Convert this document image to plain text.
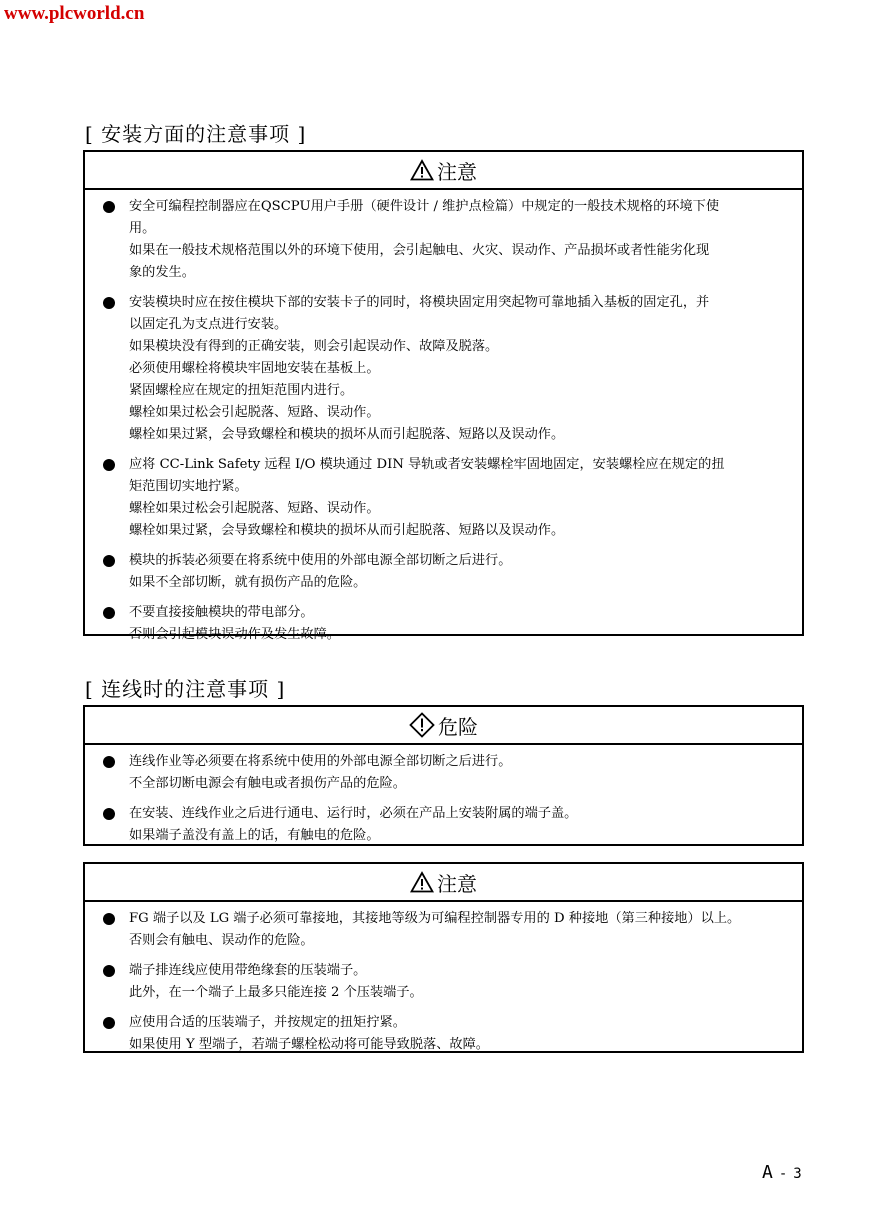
www.plcworld.cn
[ 安装方面的注意事项 ]
注意
安全可编程控制器应在QSCPU用户手册（硬件设计 / 维护点检篇）中规定的一般技术规格的环境下使
用。
如果在一般技术规格范围以外的环境下使用，会引起触电、火灾、误动作、产品损坏或者性能劣化现
象的发生。
安装模块时应在按住模块下部的安装卡子的同时，将模块固定用突起物可靠地插入基板的固定孔，并
以固定孔为支点进行安装。
如果模块没有得到的正确安装，则会引起误动作、故障及脱落。
必须使用螺栓将模块牢固地安装在基板上。
紧固螺栓应在规定的扭矩范围内进行。
螺栓如果过松会引起脱落、短路、误动作。
螺栓如果过紧，会导致螺栓和模块的损坏从而引起脱落、短路以及误动作。
应将 CC-Link Safety 远程 I/O 模块通过 DIN 导轨或者安装螺栓牢固地固定，安装螺栓应在规定的扭
矩范围切实地拧紧。
螺栓如果过松会引起脱落、短路、误动作。
螺栓如果过紧，会导致螺栓和模块的损坏从而引起脱落、短路以及误动作。
模块的拆装必须要在将系统中使用的外部电源全部切断之后进行。
如果不全部切断，就有损伤产品的危险。
不要直接接触模块的带电部分。
否则会引起模块误动作及发生故障。
[ 连线时的注意事项 ]
危险
连线作业等必须要在将系统中使用的外部电源全部切断之后进行。
不全部切断电源会有触电或者损伤产品的危险。
在安装、连线作业之后进行通电、运行时，必须在产品上安装附属的端子盖。
如果端子盖没有盖上的话，有触电的危险。
注意
FG 端子以及 LG 端子必须可靠接地，其接地等级为可编程控制器专用的 D 种接地（第三种接地）以上。
否则会有触电、误动作的危险。
端子排连线应使用带绝缘套的压装端子。
此外，在一个端子上最多只能连接 2 个压装端子。
应使用合适的压装端子，并按规定的扭矩拧紧。
如果使用 Y 型端子，若端子螺栓松动将可能导致脱落、故障。
A - 3
